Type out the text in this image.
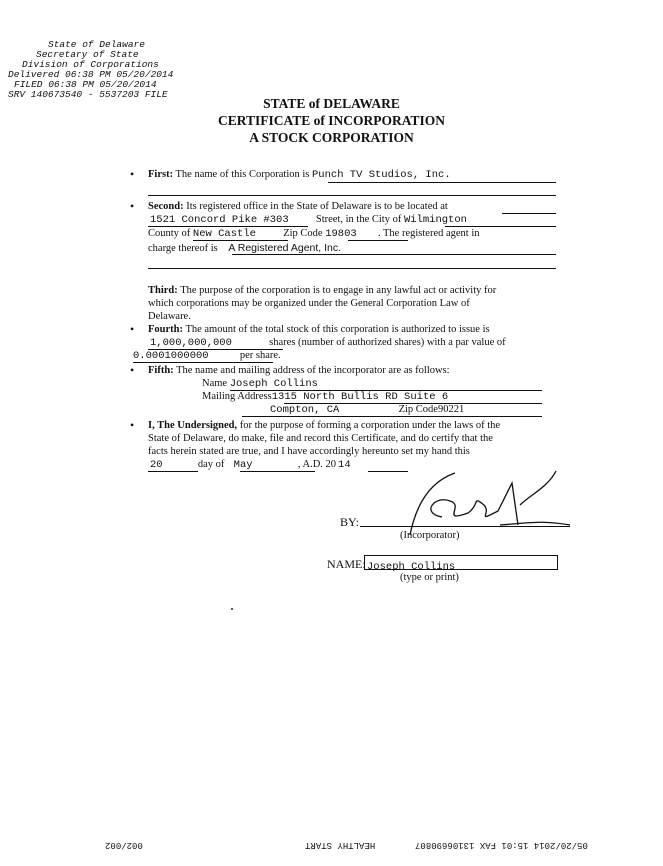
State of Delaware
Secretary of State
Division of Corporations
Delivered 06:38 PM 05/20/2014
FILED 06:38 PM 05/20/2014
SRV 140673540 - 5537203 FILE
STATE of DELAWARE
CERTIFICATE of INCORPORATION
A STOCK CORPORATION
• First: The name of this Corporation is Punch TV Studios, Inc.
• Second: Its registered office in the State of Delaware is to be located at
1521 Concord Pike #303	Street, in the City of Wilmington
County of New Castle	Zip Code 19803 . The registered agent in
charge thereof is A Registered Agent, Inc.
Third: The purpose of the corporation is to engage in any lawful act or activity for
which corporations may be organized under the General Corporation Law of
Delaware.
• Fourth: The amount of the total stock of this corporation is authorized to issue is
1,000,000,000	shares (number of authorized shares) with a par value of
0.0001000000	per share.
• Fifth: The name and mailing address of the incorporator are as follows:
Name Joseph Collins
Mailing Address1315 North Bullis RD Suite 6
Compton, CA	Zip Code90221
• I, The Undersigned, for the purpose of forming a corporation under the laws of the
State of Delaware, do make, file and record this Certificate, and do certify that the
facts herein stated are true, and I have accordingly hereunto set my hand this
20	day of May	, A.D. 20 14
BY:
(Incorporator)
NAME: Joseph Collins
(type or print)
002/002	HEALTHY START	05/20/2014 15:01 FAX 13106690807
